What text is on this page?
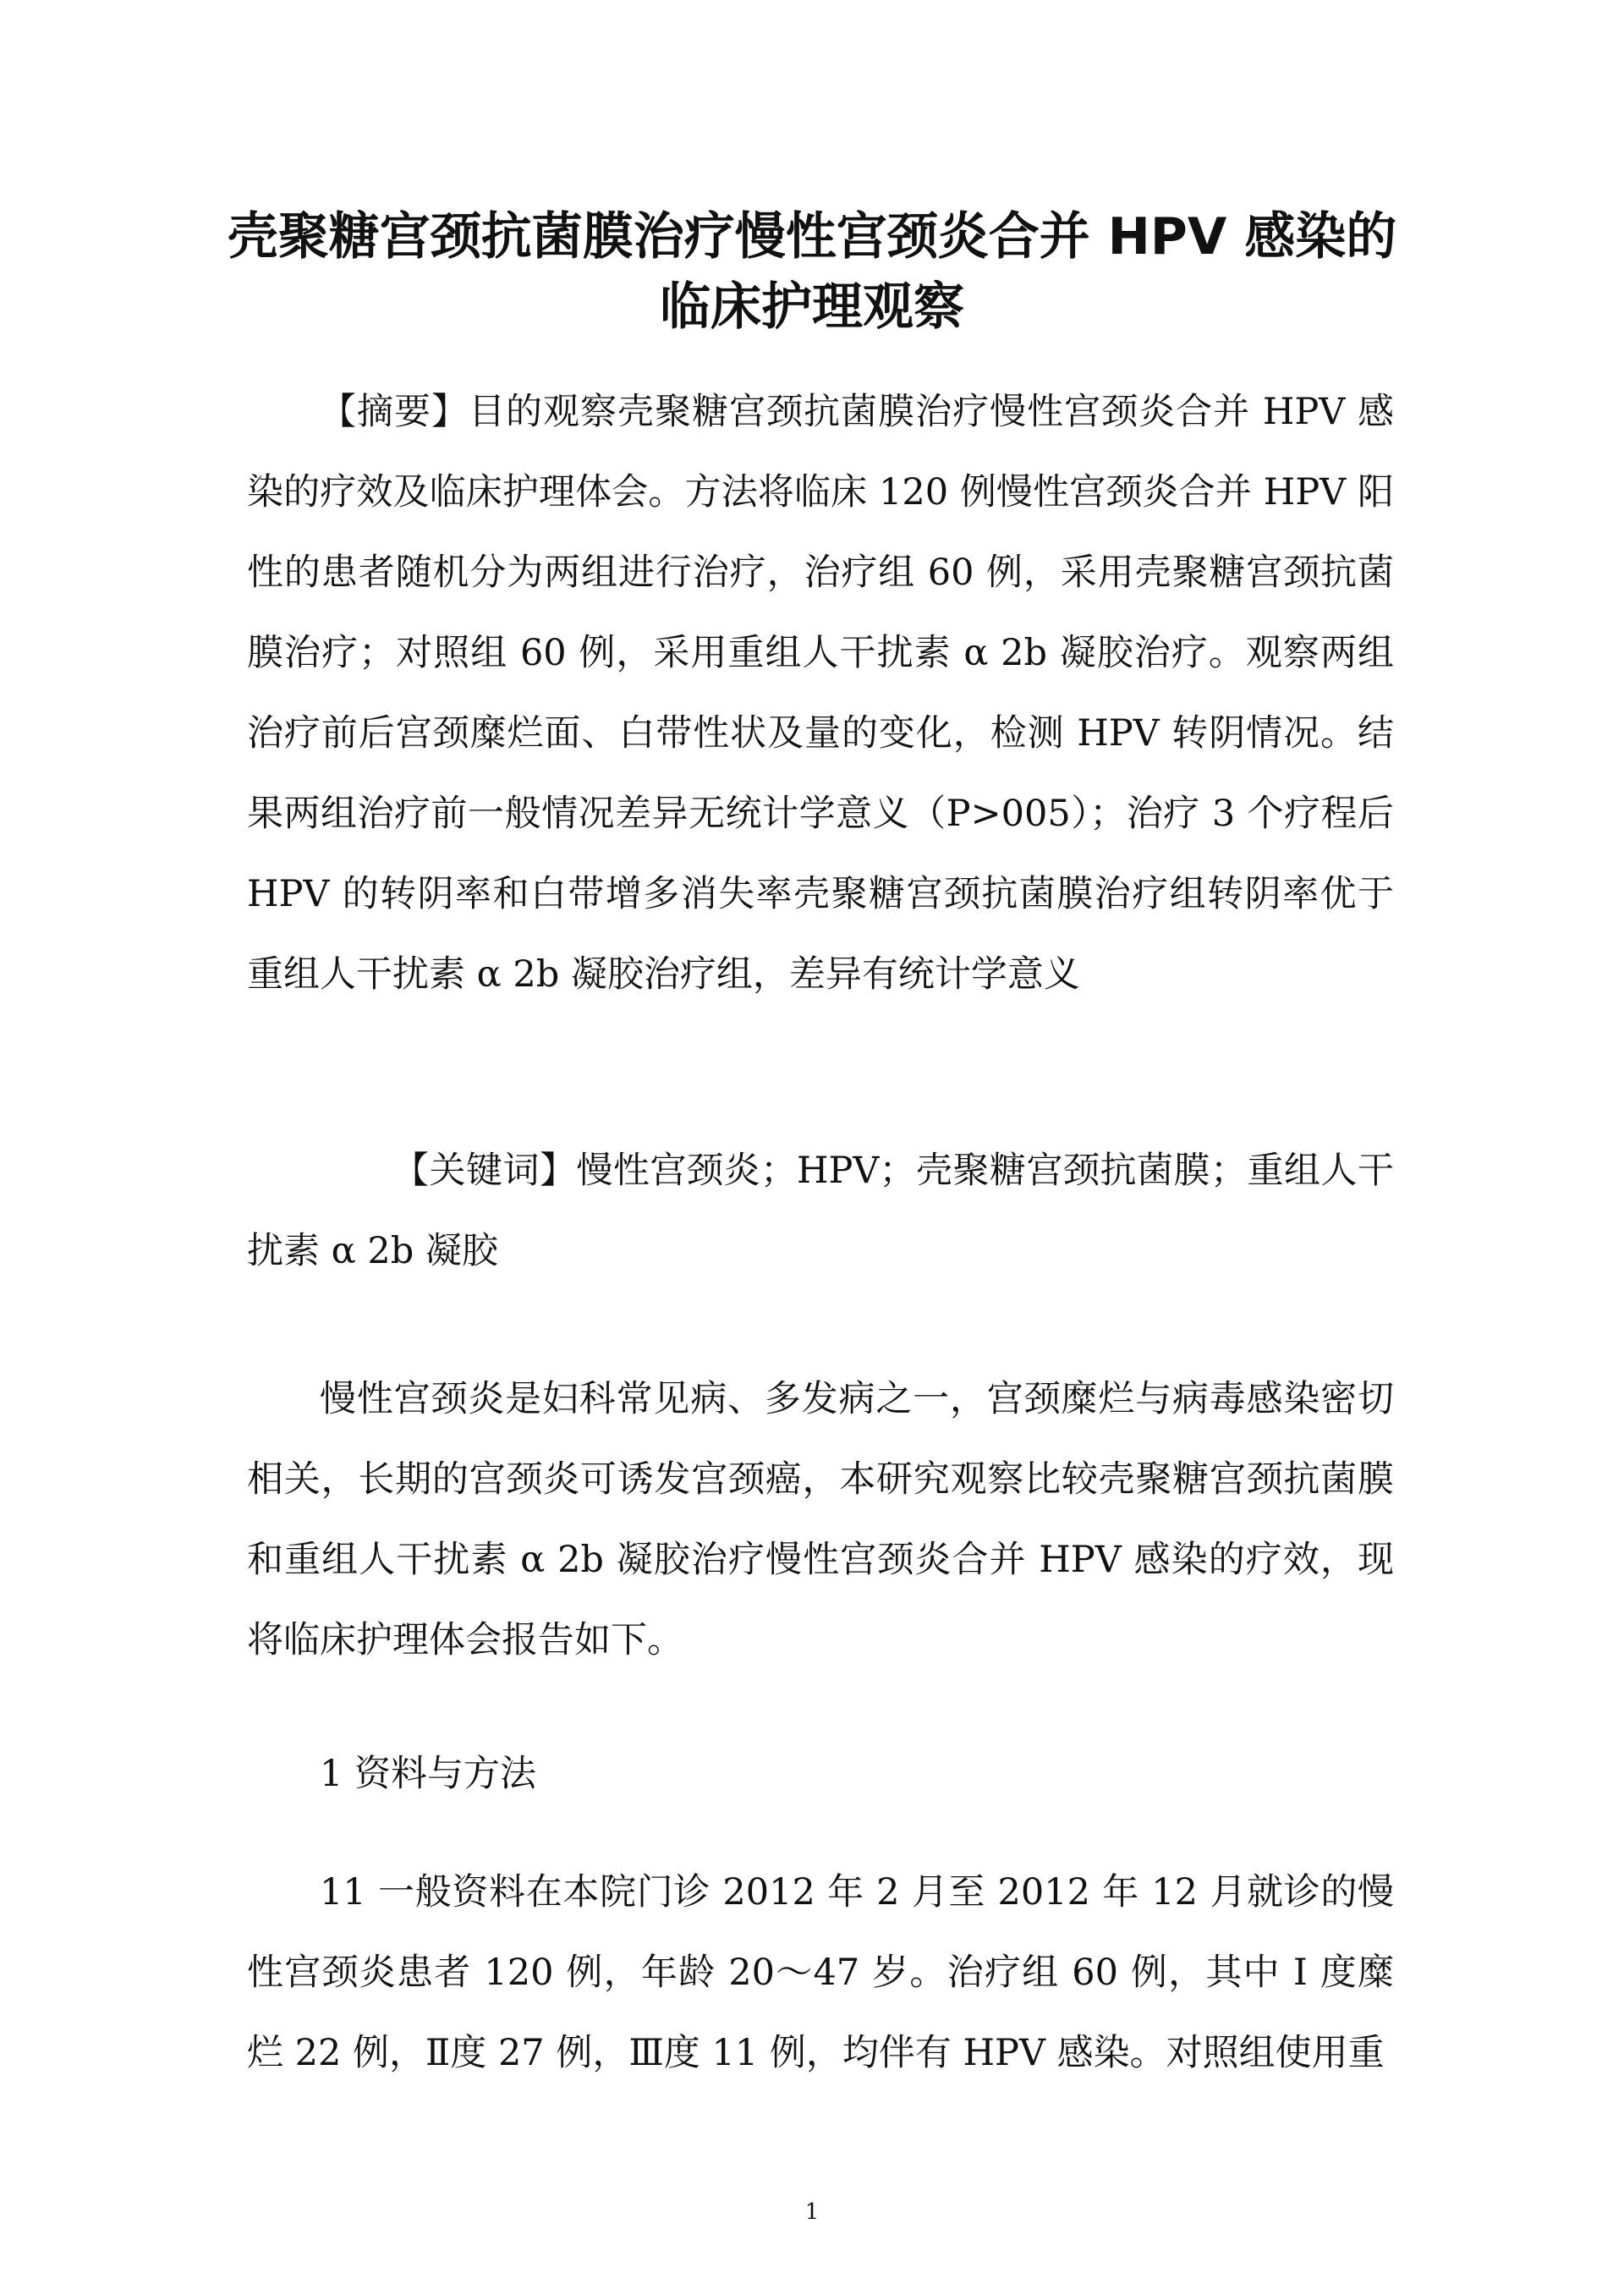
壳聚糖宫颈抗菌膜治疗慢性宫颈炎合并 HPV 感染的
临床护理观察

【摘要】目的观察壳聚糖宫颈抗菌膜治疗慢性宫颈炎合并 HPV 感染的疗效及临床护理体会。方法将临床 120 例慢性宫颈炎合并 HPV 阳性的患者随机分为两组进行治疗，治疗组 60 例，采用壳聚糖宫颈抗菌膜治疗；对照组 60 例，采用重组人干扰素 α 2b 凝胶治疗。观察两组治疗前后宫颈糜烂面、白带性状及量的变化，检测 HPV 转阴情况。结果两组治疗前一般情况差异无统计学意义（P>005）；治疗 3 个疗程后 HPV 的转阴率和白带增多消失率壳聚糖宫颈抗菌膜治疗组转阴率优于重组人干扰素 α 2b 凝胶治疗组，差异有统计学意义

【关键词】慢性宫颈炎；HPV；壳聚糖宫颈抗菌膜；重组人干扰素 α 2b 凝胶

慢性宫颈炎是妇科常见病、多发病之一，宫颈糜烂与病毒感染密切相关，长期的宫颈炎可诱发宫颈癌，本研究观察比较壳聚糖宫颈抗菌膜和重组人干扰素 α 2b 凝胶治疗慢性宫颈炎合并 HPV 感染的疗效，现将临床护理体会报告如下。

1 资料与方法

11 一般资料在本院门诊 2012 年 2 月至 2012 年 12 月就诊的慢性宫颈炎患者 120 例，年龄 20～47 岁。治疗组 60 例，其中 I 度糜烂 22 例，Ⅱ度 27 例，Ⅲ度 11 例，均伴有 HPV 感染。对照组使用重

1
